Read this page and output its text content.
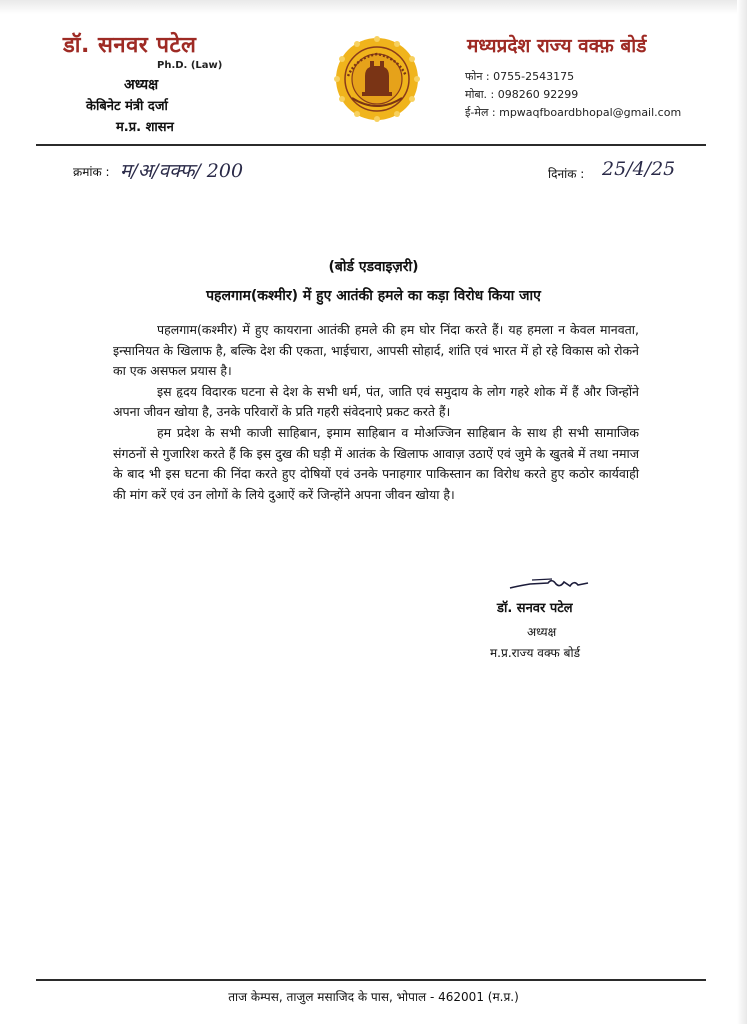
डॉ. सनवर पटेल
Ph.D. (Law)
अध्यक्ष
केबिनेट मंत्री दर्जा
म.प्र. शासन
मध्यप्रदेश राज्य वक्फ़ बोर्ड
फोन : 0755-2543175
मोबा. : 098260 92299
ई-मेल : mpwaqfboardbhopal@gmail.com
क्रमांक : म/अ/वक्फ/ 200	दिनांक : 25/4/25
(बोर्ड एडवाइज़री)
पहलगाम(कश्मीर) में हुए आतंकी हमले का कड़ा विरोध किया जाए

पहलगाम(कश्मीर) में हुए कायराना आतंकी हमले की हम घोर निंदा करते हैं। यह हमला न केवल मानवता, इन्सानियत के खिलाफ है, बल्कि देश की एकता, भाईचारा, आपसी सोहार्द, शांति एवं भारत में हो रहे विकास को रोकने का एक असफल प्रयास है।

इस हृदय विदारक घटना से देश के सभी धर्म, पंत, जाति एवं समुदाय के लोग गहरे शोक में हैं और जिन्होंने अपना जीवन खोया है, उनके परिवारों के प्रति गहरी संवेदनाऐ प्रकट करते हैं।

हम प्रदेश के सभी काजी साहिबान, इमाम साहिबान व मोअज्जिन साहिबान के साथ ही सभी सामाजिक संगठनों से गुजारिश करते हैं कि इस दुख की घड़ी में आतंक के खिलाफ आवाज़ उठाऐं एवं जुमे के खुतबे में तथा नमाज के बाद भी इस घटना की निंदा करते हुए दोषियों एवं उनके पनाहगार पाकिस्तान का विरोध करते हुए कठोर कार्यवाही की मांग करें एवं उन लोगों के लिये दुआऐं करें जिन्होंने अपना जीवन खोया है।

डॉ. सनवर पटेल
अध्यक्ष
म.प्र.राज्य वक्फ बोर्ड
ताज केम्पस, ताजुल मसाजिद के पास, भोपाल - 462001 (म.प्र.)
